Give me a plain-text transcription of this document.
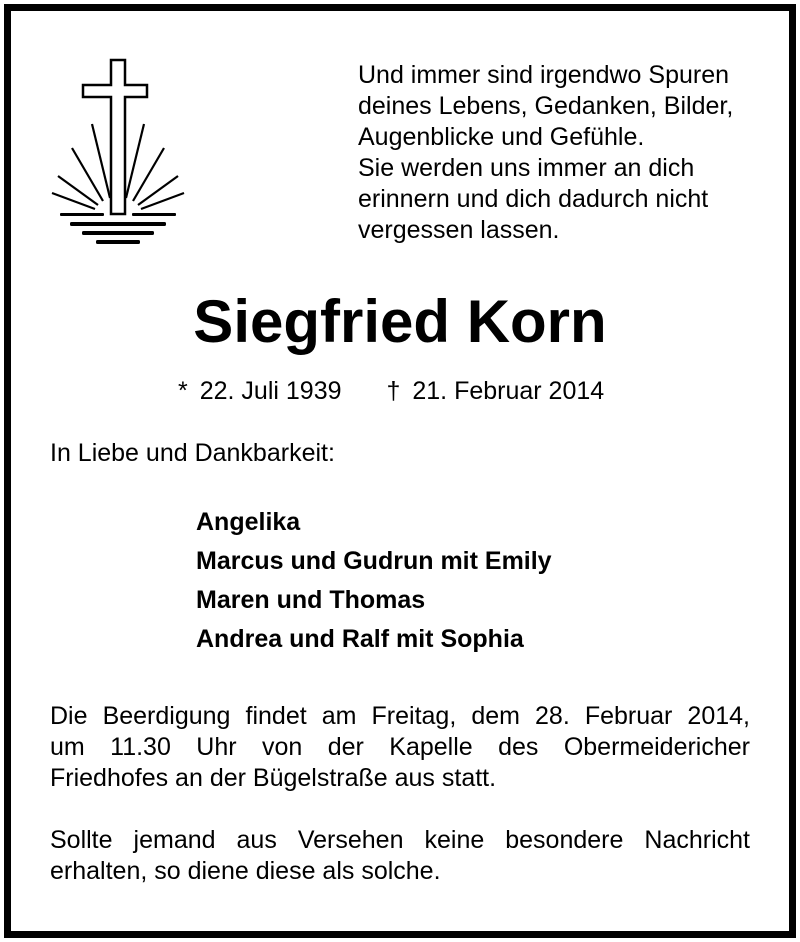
Und immer sind irgendwo Spuren
deines Lebens, Gedanken, Bilder,
Augenblicke und Gefühle.
Sie werden uns immer an dich
erinnern und dich dadurch nicht
vergessen lassen.
Siegfried Korn
* 22. Juli 1939 † 21. Februar 2014
In Liebe und Dankbarkeit:
Angelika
Marcus und Gudrun mit Emily
Maren und Thomas
Andrea und Ralf mit Sophia
Die Beerdigung findet am Freitag, dem 28. Februar 2014,
um 11.30 Uhr von der Kapelle des Obermeidericher
Friedhofes an der Bügelstraße aus statt.
Sollte jemand aus Versehen keine besondere Nachricht
erhalten, so diene diese als solche.
